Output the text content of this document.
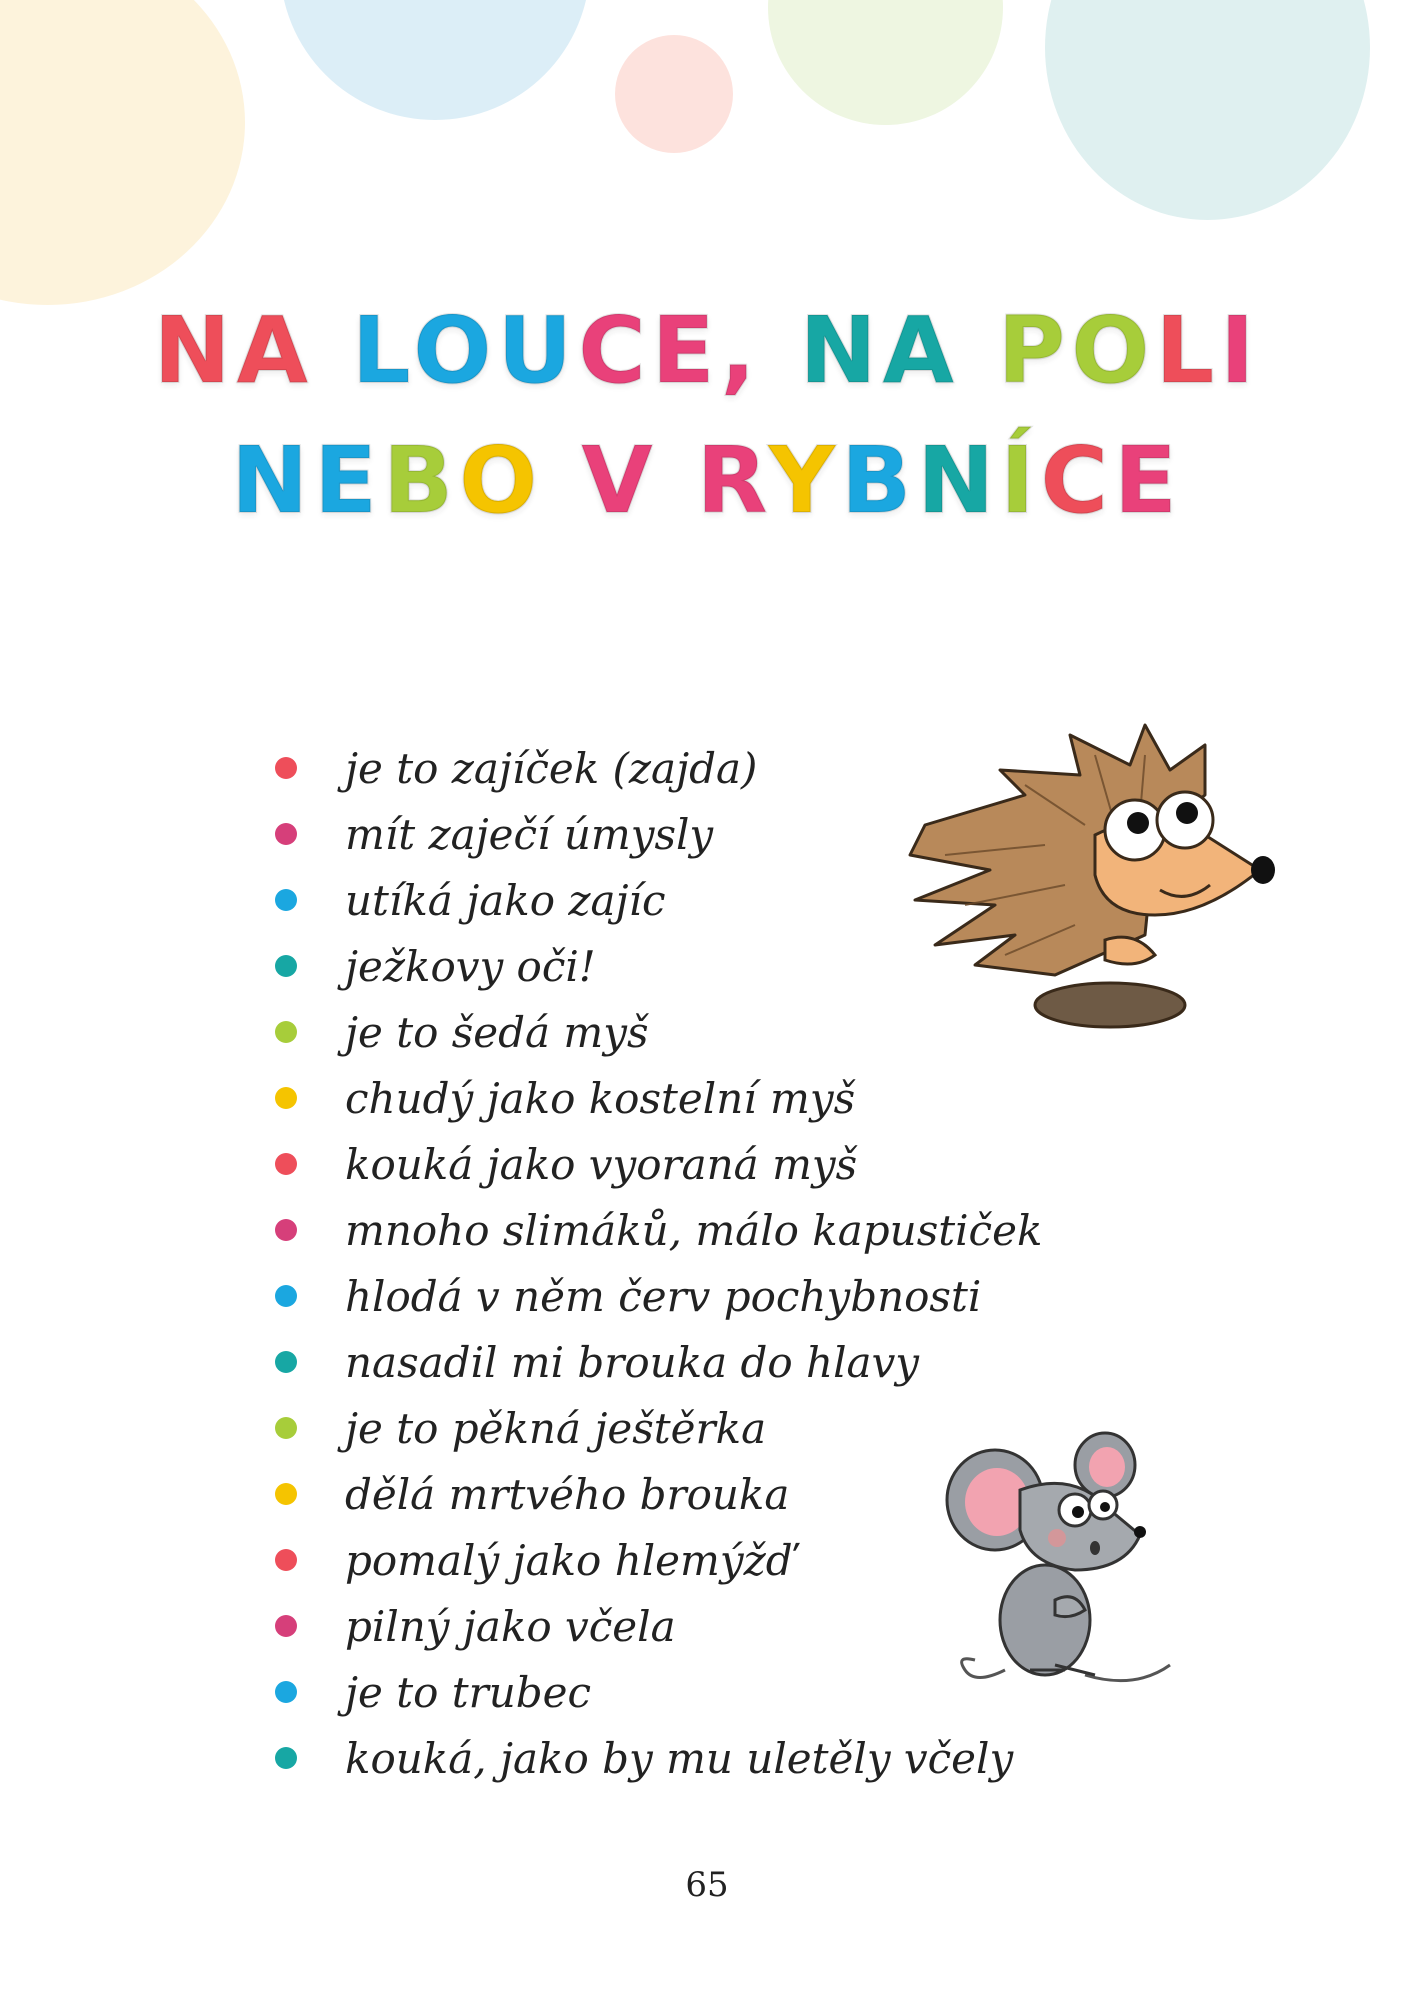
NA LOUCE, NA POLI
NEBO V RYBNÍCE
je to zajíček (zajda)
mít zaječí úmysly
utíká jako zajíc
ježkovy oči!
je to šedá myš
chudý jako kostelní myš
kouká jako vyoraná myš
mnoho slimáků, málo kapustiček
hlodá v něm červ pochybnosti
nasadil mi brouka do hlavy
je to pěkná ještěrka
dělá mrtvého brouka
pomalý jako hlemýžď
pilný jako včela
je to trubec
kouká, jako by mu uletěly včely
65
